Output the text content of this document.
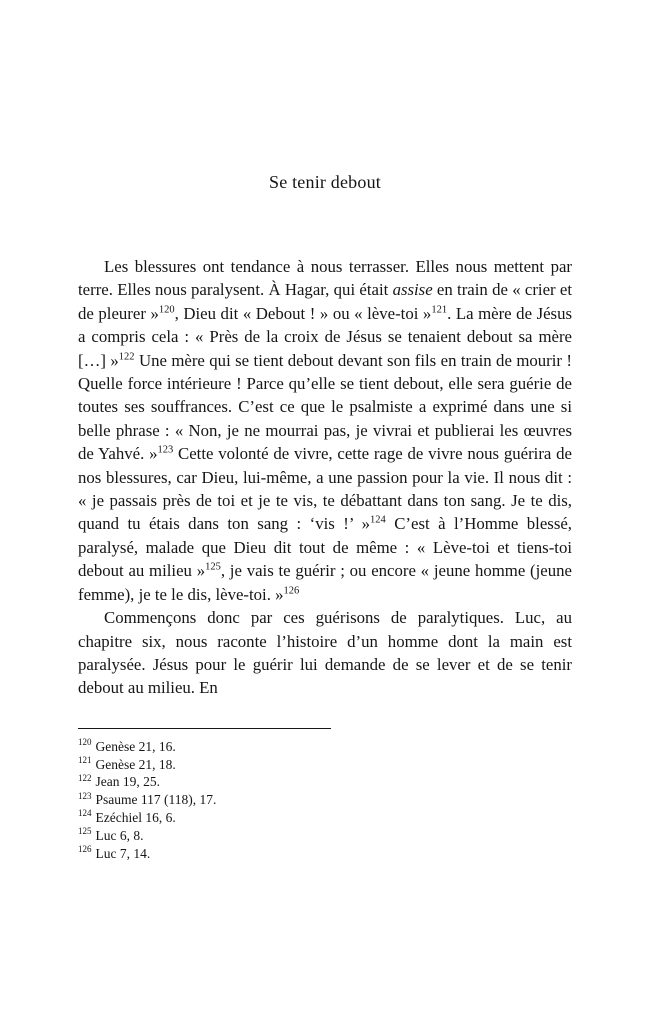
Se tenir debout

Les blessures ont tendance à nous terrasser. Elles nous mettent par terre. Elles nous paralysent. À Hagar, qui était assise en train de « crier et de pleurer »$^{120}$, Dieu dit « Debout ! » ou « lève-toi »$^{121}$. La mère de Jésus a compris cela : « Près de la croix de Jésus se tenaient debout sa mère […] »$^{122}$ Une mère qui se tient debout devant son fils en train de mourir ! Quelle force intérieure ! Parce qu’elle se tient debout, elle sera guérie de toutes ses souffrances. C’est ce que le psalmiste a exprimé dans une si belle phrase : « Non, je ne mourrai pas, je vivrai et publierai les œuvres de Yahvé. »$^{123}$ Cette volonté de vivre, cette rage de vivre nous guérira de nos blessures, car Dieu, lui-même, a une passion pour la vie. Il nous dit : « je passais près de toi et je te vis, te débattant dans ton sang. Je te dis, quand tu étais dans ton sang : ‘vis !’ »$^{124}$ C’est à l’Homme blessé, paralysé, malade que Dieu dit tout de même : « Lève-toi et tiens-toi debout au milieu »$^{125}$, je vais te guérir ; ou encore « jeune homme (jeune femme), je te le dis, lève-toi. »$^{126}$

Commençons donc par ces guérisons de paralytiques. Luc, au chapitre six, nous raconte l’histoire d’un homme dont la main est paralysée. Jésus pour le guérir lui demande de se lever et de se tenir debout au milieu. En

$^{120}$ Genèse 21, 16.
$^{121}$ Genèse 21, 18.
$^{122}$ Jean 19, 25.
$^{123}$ Psaume 117 (118), 17.
$^{124}$ Ezéchiel 16, 6.
$^{125}$ Luc 6, 8.
$^{126}$ Luc 7, 14.
